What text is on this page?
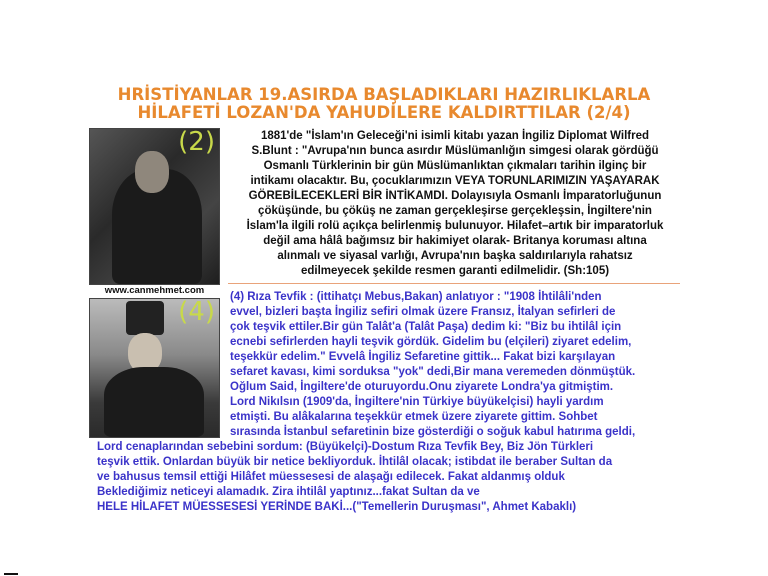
HRİSTİYANLAR 19.ASIRDA BAŞLADIKLARI HAZIRLIKLARLA
HİLAFETİ LOZAN'DA YAHUDİLERE KALDIRTTILAR (2/4)
(2)
www.canmehmet.com
(4)
1881'de "İslam'ın Geleceği'ni isimli kitabı yazan İngiliz Diplomat Wilfred
S.Blunt : "Avrupa'nın bunca asırdır Müslümanlığın simgesi olarak gördüğü
Osmanlı Türklerinin bir gün Müslümanlıktan çıkmaları tarihin ilginç bir
intikamı olacaktır. Bu, çocuklarımızın VEYA TORUNLARIMIZIN YAŞAYARAK
GÖREBİLECEKLERİ BİR İNTİKAMDI. Dolayısıyla Osmanlı İmparatorluğunun
çöküşünde, bu çöküş ne zaman gerçekleşirse gerçekleşsin, İngiltere'nin
İslam'la ilgili rolü açıkça belirlenmiş bulunuyor. Hilafet–artık bir imparatorluk
değil ama hâlâ bağımsız bir hakimiyet olarak- Britanya koruması altına
alınmalı ve siyasal varlığı, Avrupa'nın başka saldırılarıyla rahatsız
edilmeyecek şekilde resmen garanti edilmelidir. (Sh:105)
(4) Rıza Tevfik : (ittihatçı Mebus,Bakan) anlatıyor : "1908 İhtilâli'nden
evvel, bizleri başta İngiliz sefiri olmak üzere Fransız, İtalyan sefirleri de
çok teşvik ettiler.Bir gün Talât'a (Talât Paşa) dedim ki: "Biz bu ihtilâl için
ecnebi sefirlerden hayli teşvik gördük. Gidelim bu (elçileri) ziyaret edelim,
teşekkür edelim." Evvelâ İngiliz Sefaretine gittik... Fakat bizi karşılayan
sefaret kavası, kimi sorduksa "yok" dedi,Bir mana veremeden dönmüştük.
Oğlum Said, İngiltere'de oturuyordu.Onu ziyarete Londra'ya gitmiştim.
Lord Nikılsın (1909'da, İngiltere'nin Türkiye büyükelçisi) hayli yardım
etmişti. Bu alâkalarına teşekkür etmek üzere ziyarete gittim. Sohbet
sırasında İstanbul sefaretinin bize gösterdiği o soğuk kabul hatırıma geldi,
Lord cenaplarından sebebini sordum: (Büyükelçi)-Dostum Rıza Tevfik Bey, Biz Jön Türkleri
teşvik ettik. Onlardan büyük bir netice bekliyorduk. İhtilâl olacak; istibdat ile beraber Sultan da
ve bahusus temsil ettiği Hilâfet müessesesi de alaşağı edilecek. Fakat aldanmış olduk
Beklediğimiz neticeyi alamadık. Zira ihtilâl yaptınız...fakat Sultan da ve
HELE HİLAFET MÜESSESESİ YERİNDE BAKİ...("Temellerin Duruşması", Ahmet Kabaklı)
